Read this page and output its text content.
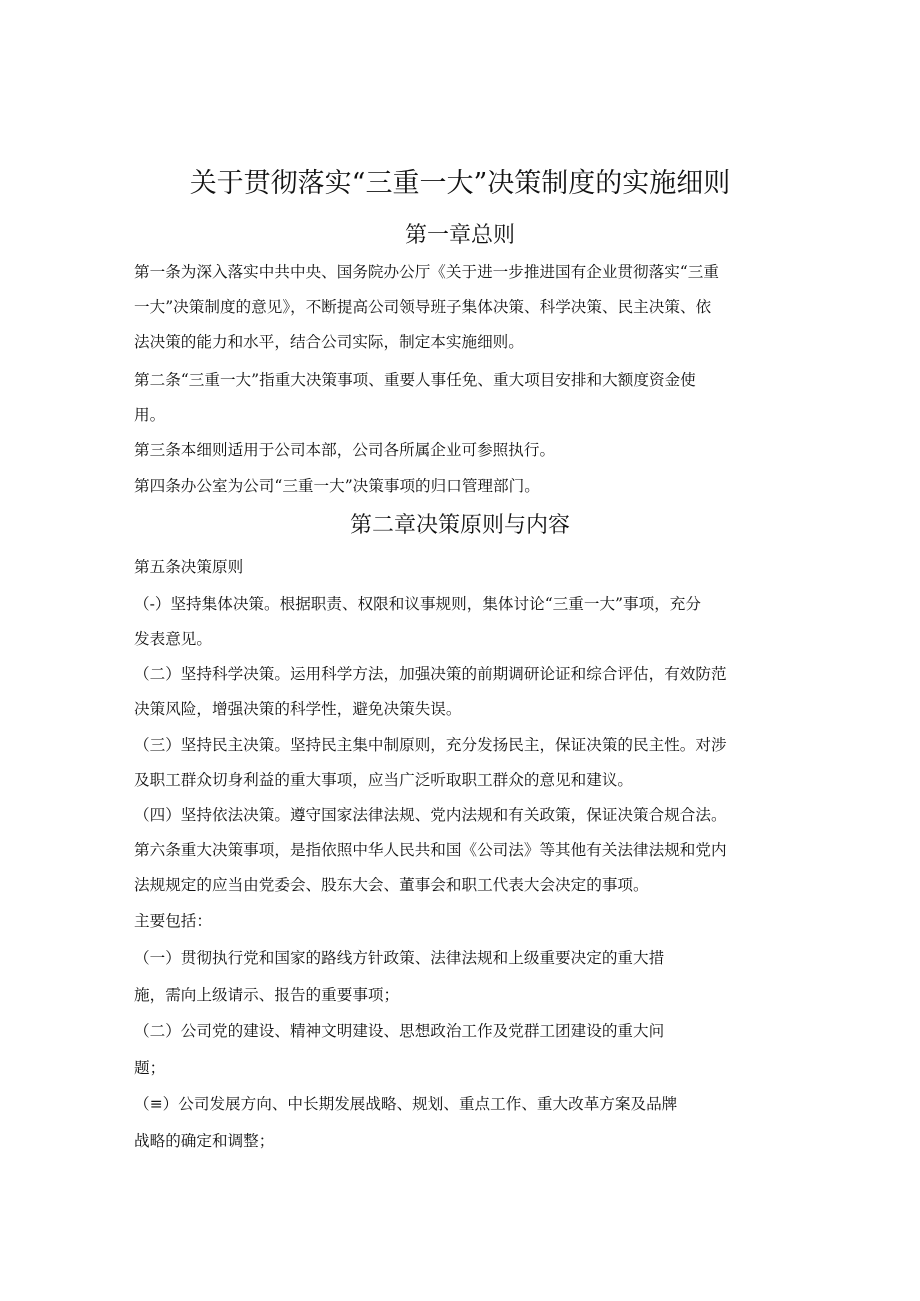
关于贯彻落实“三重一大”决策制度的实施细则
第一章总则
第一条为深入落实中共中央、国务院办公厅《关于进一步推进国有企业贯彻落实“三重
一大”决策制度的意见》，不断提高公司领导班子集体决策、科学决策、民主决策、依
法决策的能力和水平，结合公司实际，制定本实施细则。
第二条“三重一大”指重大决策事项、重要人事任免、重大项目安排和大额度资金使
用。
第三条本细则适用于公司本部，公司各所属企业可参照执行。
第四条办公室为公司“三重一大”决策事项的归口管理部门。
第二章决策原则与内容
第五条决策原则
（-）坚持集体决策。根据职责、权限和议事规则，集体讨论“三重一大”事项，充分
发表意见。
（二）坚持科学决策。运用科学方法，加强决策的前期调研论证和综合评估，有效防范
决策风险，增强决策的科学性，避免决策失误。
（三）坚持民主决策。坚持民主集中制原则，充分发扬民主，保证决策的民主性。对涉
及职工群众切身利益的重大事项，应当广泛听取职工群众的意见和建议。
（四）坚持依法决策。遵守国家法律法规、党内法规和有关政策，保证决策合规合法。
第六条重大决策事项，是指依照中华人民共和国《公司法》等其他有关法律法规和党内
法规规定的应当由党委会、股东大会、董事会和职工代表大会决定的事项。
主要包括：
（一）贯彻执行党和国家的路线方针政策、法律法规和上级重要决定的重大措
施，需向上级请示、报告的重要事项；
（二）公司党的建设、精神文明建设、思想政治工作及党群工团建设的重大问
题；
（≡）公司发展方向、中长期发展战略、规划、重点工作、重大改革方案及品牌
战略的确定和调整；
